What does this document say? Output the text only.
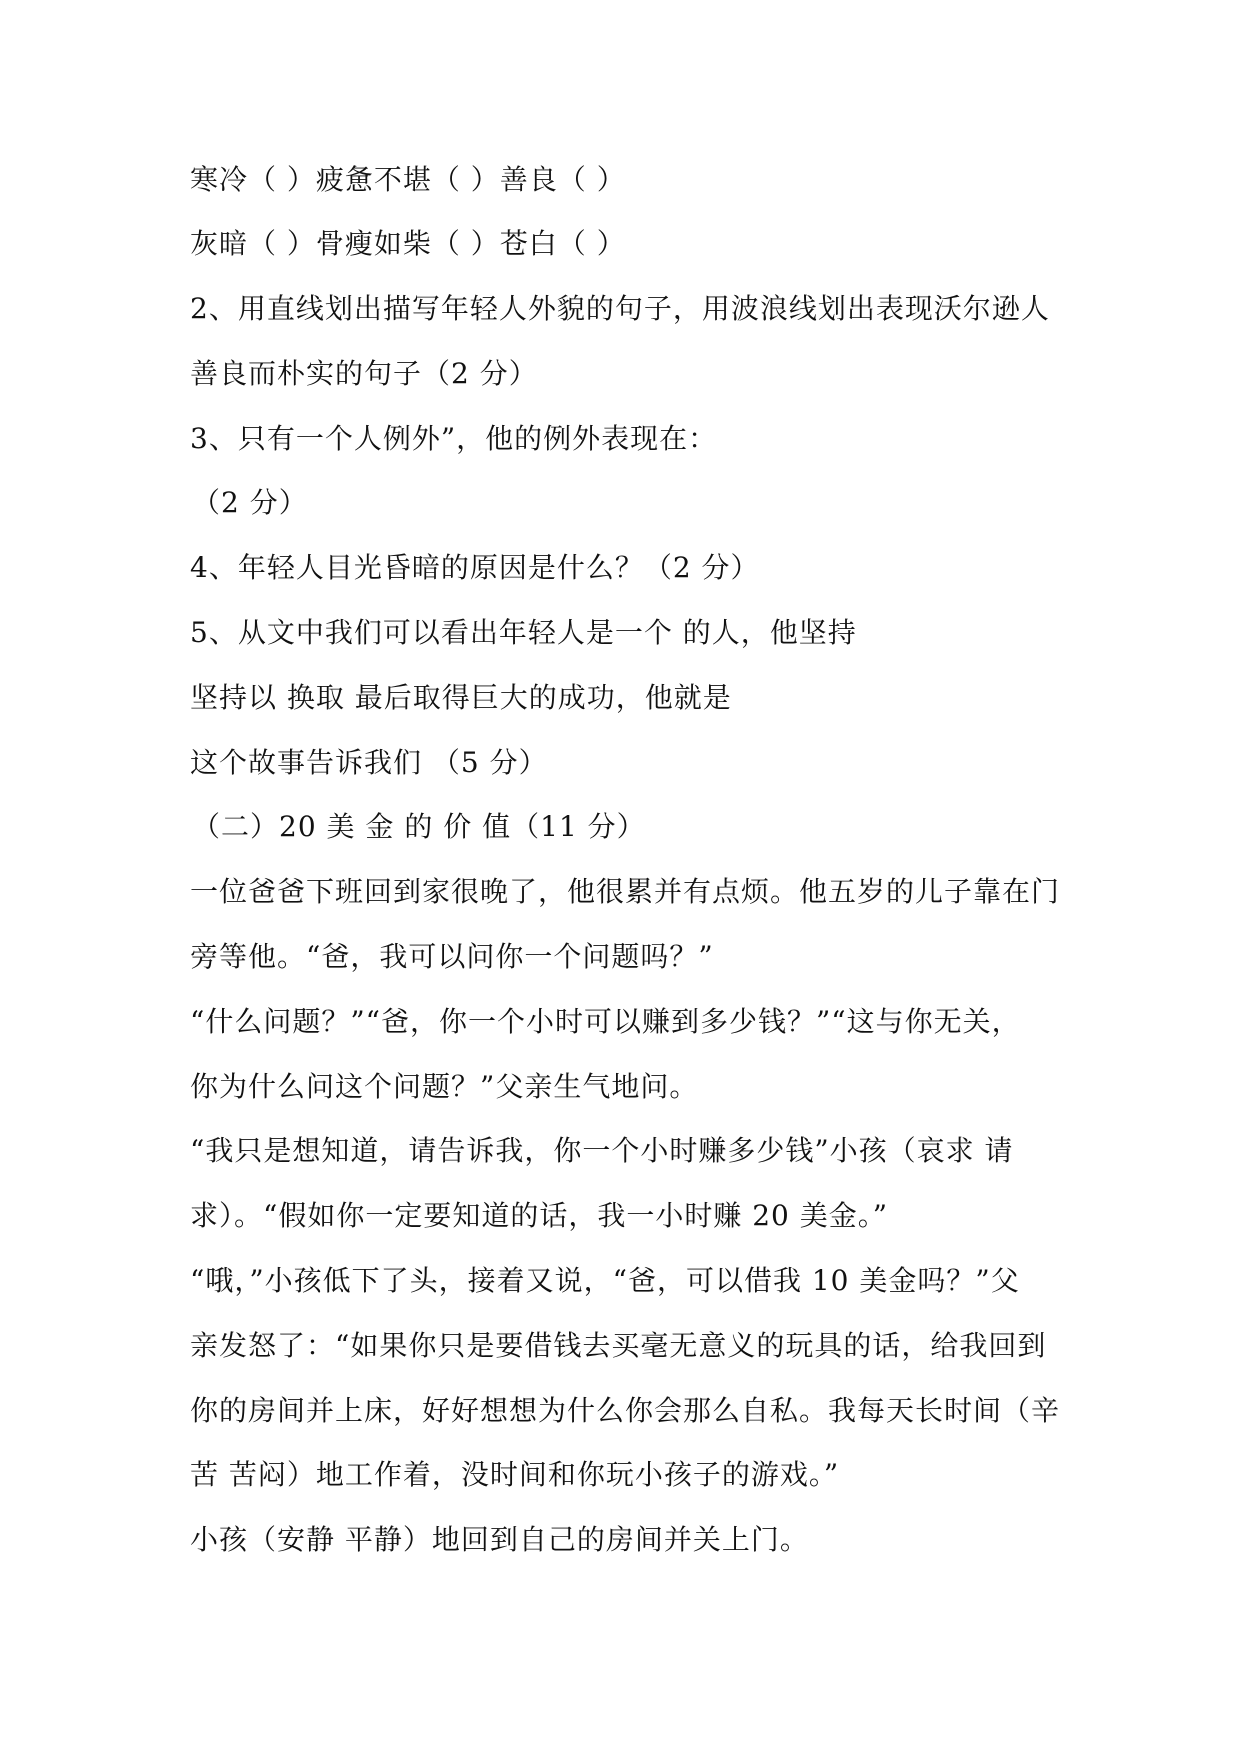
寒冷（ ）疲惫不堪（ ）善良（ ）
灰暗（ ）骨瘦如柴（ ）苍白（ ）
2、用直线划出描写年轻人外貌的句子，用波浪线划出表现沃尔逊人
善良而朴实的句子（2 分）
3、只有一个人例外”，他的例外表现在：
（2 分）
4、年轻人目光昏暗的原因是什么？（2 分）
5、从文中我们可以看出年轻人是一个 的人，他坚持
坚持以 换取 最后取得巨大的成功，他就是
这个故事告诉我们 （5 分）
（二）20 美 金 的 价 值（11 分）
一位爸爸下班回到家很晚了，他很累并有点烦。他五岁的儿子靠在门
旁等他。“爸，我可以问你一个问题吗？”
“什么问题？”“爸，你一个小时可以赚到多少钱？”“这与你无关，
你为什么问这个问题？”父亲生气地问。
“我只是想知道，请告诉我，你一个小时赚多少钱”小孩（哀求 请
求）。“假如你一定要知道的话，我一小时赚 20 美金。”
“哦，”小孩低下了头，接着又说，“爸，可以借我 10 美金吗？”父
亲发怒了：“如果你只是要借钱去买毫无意义的玩具的话，给我回到
你的房间并上床，好好想想为什么你会那么自私。我每天长时间（辛
苦 苦闷）地工作着，没时间和你玩小孩子的游戏。”
小孩（安静 平静）地回到自己的房间并关上门。
